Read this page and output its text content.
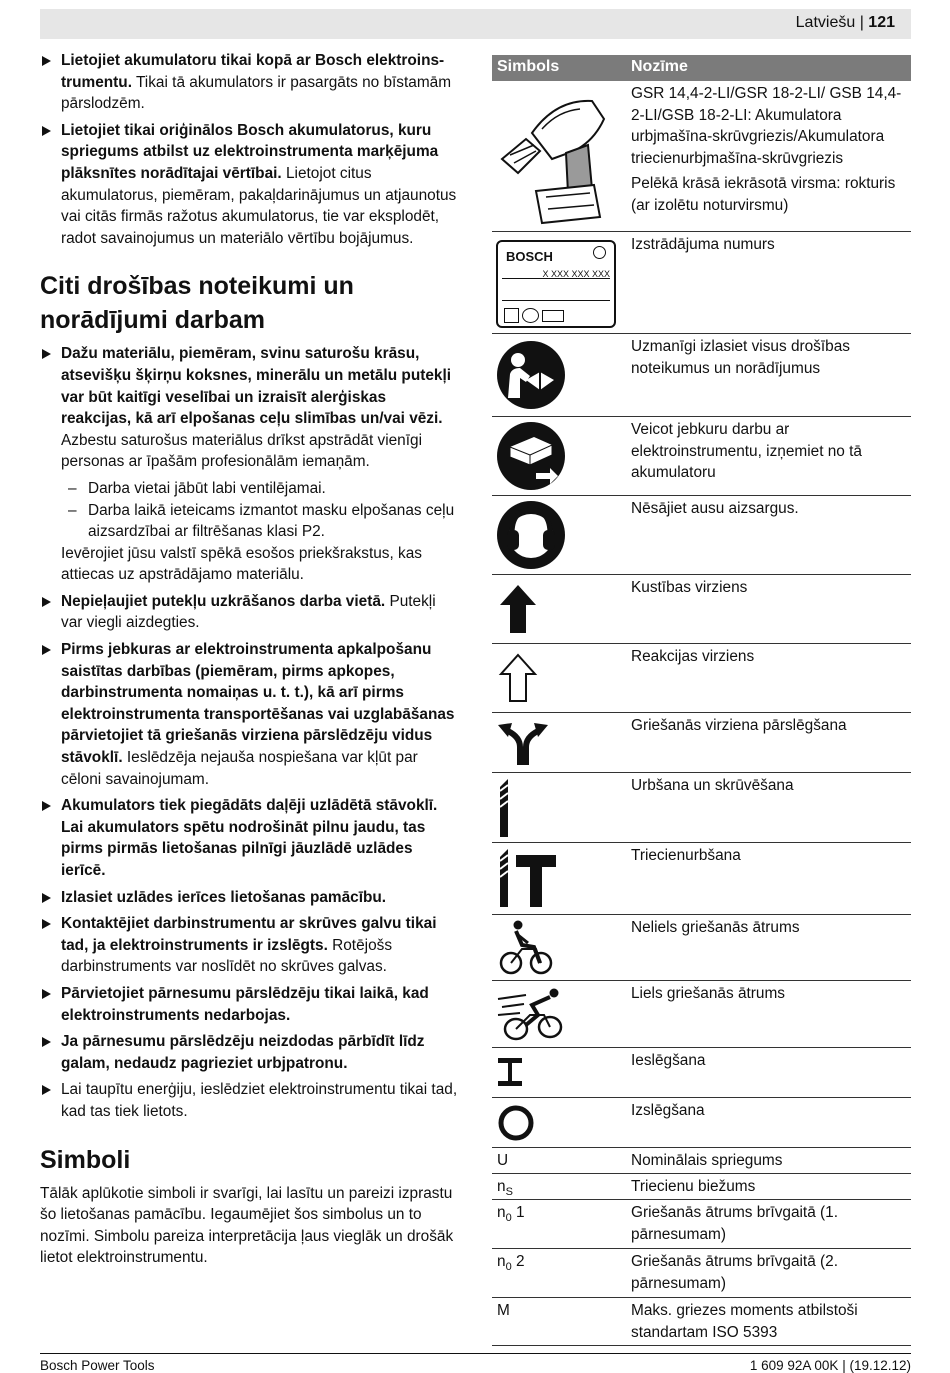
Latviešu | 121
Lietojiet akumulatoru tikai kopā ar Bosch elektroinstrumentu. Tikai tā akumulators ir pasargāts no bīstamām pārslodzēm.
Lietojiet tikai oriģinālos Bosch akumulatorus, kuru spriegums atbilst uz elektroinstrumenta marķējuma plāksnītes norādītajai vērtībai. Lietojot citus akumulatorus, piemēram, pakaļdarinājumus un atjaunotus vai citās firmās ražotus akumulatorus, tie var eksplodēt, radot savainojumus un materiālo vērtību bojājumus.
Citi drošības noteikumi un norādījumi darbam
Dažu materiālu, piemēram, svinu saturošu krāsu, atsevišķu šķirņu koksnes, minerālu un metālu putekļi var būt kaitīgi veselībai un izraisīt alerģiskas reakcijas, kā arī elpošanas ceļu slimības un/vai vēzi. Azbestu saturošus materiālus drīkst apstrādāt vienīgi personas ar īpašām profesionālām iemaņām.
– Darba vietai jābūt labi ventilējamai.
– Darba laikā ieteicams izmantot masku elpošanas ceļu aizsardzībai ar filtrēšanas klasi P2.
Ievērojiet jūsu valstī spēkā esošos priekšrakstus, kas attiecas uz apstrādājamo materiālu.
Nepieļaujiet putekļu uzkrāšanos darba vietā. Putekļi var viegli aizdegties.
Pirms jebkuras ar elektroinstrumenta apkalpošanu saistītas darbības (piemēram, pirms apkopes, darbinstrumenta nomaiņas u. t. t.), kā arī pirms elektroinstrumenta transportēšanas vai uzglabāšanas pārvietojiet tā griešanās virziena pārslēdzēju vidus stāvoklī. Ieslēdzēja nejauša nospiešana var kļūt par cēloni savainojumam.
Akumulators tiek piegādāts daļēji uzlādētā stāvoklī. Lai akumulators spētu nodrošināt pilnu jaudu, tas pirms pirmās lietošanas pilnīgi jāuzlādē uzlādes ierīcē.
Izlasiet uzlādes ierīces lietošanas pamācību.
Kontaktējiet darbinstrumentu ar skrūves galvu tikai tad, ja elektroinstruments ir izslēgts. Rotējošs darbinstruments var noslīdēt no skrūves galvas.
Pārvietojiet pārnesumu pārslēdzēju tikai laikā, kad elektroinstruments nedarbojas.
Ja pārnesumu pārslēdzēju neizdodas pārbīdīt līdz galam, nedaudz pagrieziet urbjpatronu.
Lai taupītu enerģiju, ieslēdziet elektroinstrumentu tikai tad, kad tas tiek lietots.
Simboli
Tālāk aplūkotie simboli ir svarīgi, lai lasītu un pareizi izprastu šo lietošanas pamācību. Iegaumējiet šos simbolus un to nozīmi. Simbolu pareiza interpretācija ļaus vieglāk un drošāk lietot elektroinstrumentu.
Simbols	Nozīme

GSR 14,4-2-LI/GSR 18-2-LI/ GSB 14,4-2-LI/GSB 18-2-LI: Akumulatora urbjmašīna-skrūvgriezis/Akumulatora triecienurbjmašīna-skrūvgriezis

Pelēkā krāsā iekrāsotā virsma: rokturis (ar izolētu noturvirsmu)

BOSCH
X XXX XXX XXX
Izstrādājuma numurs
Uzmanīgi izlasiet visus drošības noteikumus un norādījumus
Veicot jebkuru darbu ar elektroinstrumentu, izņemiet no tā akumulatoru
Nēsājiet ausu aizsargus.
Kustības virziens
Reakcijas virziens
Griešanās virziena pārslēgšana
Urbšana un skrūvēšana
Triecienurbšana
Neliels griešanās ātrums
Liels griešanās ātrums
Ieslēgšana
Izslēgšana
U	Nominālais spriegums
$n_S$	Triecienu biežums
$n_0$ 1	Griešanās ātrums brīvgaitā (1. pārnesumam)
$n_0$ 2	Griešanās ātrums brīvgaitā (2. pārnesumam)
M	Maks. griezes moments atbilstoši standartam ISO 5393
Bosch Power Tools	1 609 92A 00K | (19.12.12)
